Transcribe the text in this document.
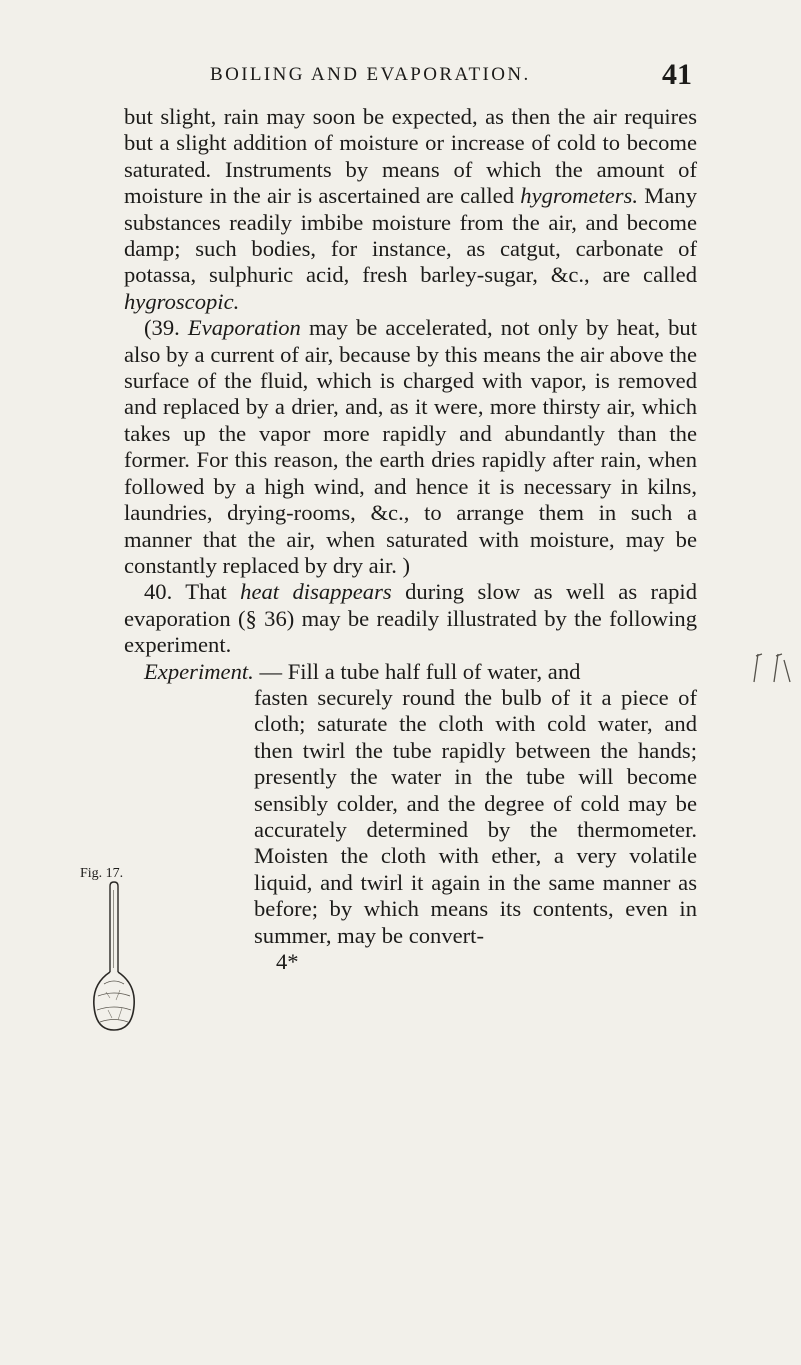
BOILING AND EVAPORATION.	41

but slight, rain may soon be expected, as then the air requires but a slight addition of moisture or increase of cold to become saturated. Instruments by means of which the amount of moisture in the air is ascertained are called hygrometers. Many substances readily imbibe moisture from the air, and become damp; such bodies, for instance, as catgut, carbonate of potassa, sulphuric acid, fresh barley-sugar, &c., are called hygroscopic.

(39. Evaporation may be accelerated, not only by heat, but also by a current of air, because by this means the air above the surface of the fluid, which is charged with vapor, is removed and replaced by a drier, and, as it were, more thirsty air, which takes up the vapor more rapidly and abundantly than the former. For this reason, the earth dries rapidly after rain, when followed by a high wind, and hence it is necessary in kilns, laundries, drying-rooms, &c., to arrange them in such a manner that the air, when saturated with moisture, may be constantly replaced by dry air. )

40. That heat disappears during slow as well as rapid evaporation (§ 36) may be readily illustrated by the following experiment.

Experiment. — Fill a tube half full of water, and

fasten securely round the bulb of it a piece of cloth; saturate the cloth with cold water, and then twirl the tube rapidly between the hands; presently the water in the tube will become sensibly colder, and the degree of cold may be accurately determined by the thermometer. Moisten the cloth with ether, a very volatile liquid, and twirl it again in the same manner as before; by which means its contents, even in summer, may be convert-

4*

Fig. 17.
